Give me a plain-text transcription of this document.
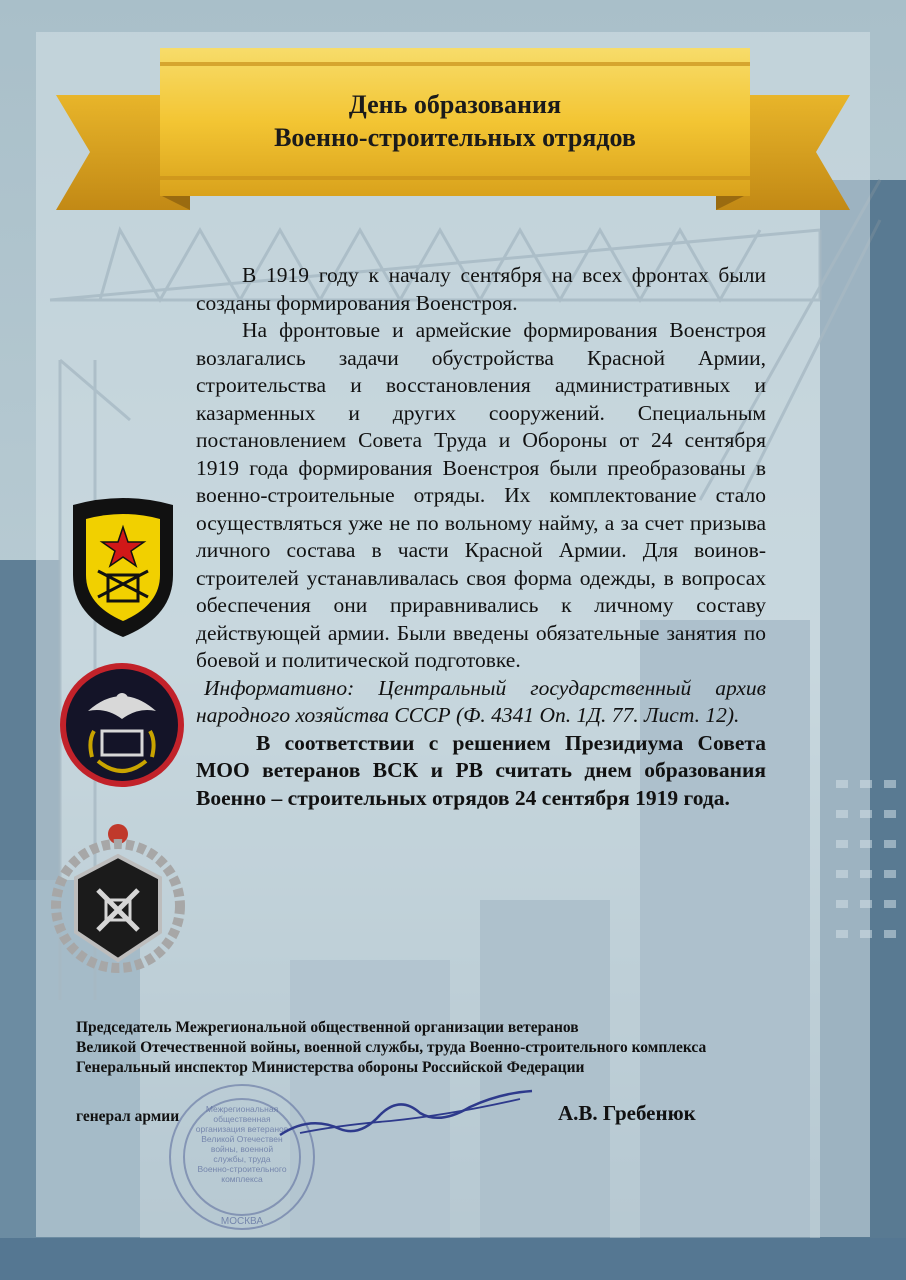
День образования
Военно-строительных отрядов

В 1919 году к началу сентября на всех фронтах были созданы формирования Военстроя.

На фронтовые и армейские формирования Военстроя возлагались задачи обустройства Красной Армии, строительства и восстановления административных и казарменных и других сооружений. Специальным постановлением Совета Труда и Обороны от 24 сентября 1919 года формирования Военстроя были преобразованы в военно-строительные отряды. Их комплектование стало осуществляться уже не по вольному найму, а за счет призыва личного состава в части Красной Армии. Для воинов-строителей устанавливалась своя форма одежды, в вопросах обеспечения они приравнивались к личному составу действующей армии. Были введены обязательные занятия по боевой и политической подготовке.

Информативно: Центральный государственный архив народного хозяйства СССР (Ф. 4341 Оп. 1Д. 77. Лист. 12).

В соответствии с решением Президиума Совета МОО ветеранов ВСК и РВ считать днем образования Военно – строительных отрядов 24 сентября 1919 года.

Межрегиональная
общественная
организация ветеранов
Великой Отечествен
войны, военной
службы, труда
Военно-строительного
комплекса
МОСКВА
Председатель Межрегиональной общественной организации ветеранов
Великой Отечественной войны, военной службы, труда Военно-строительного комплекса
Генеральный инспектор Министерства обороны Российской Федерации
генерал армии	А.В. Гребенюк
